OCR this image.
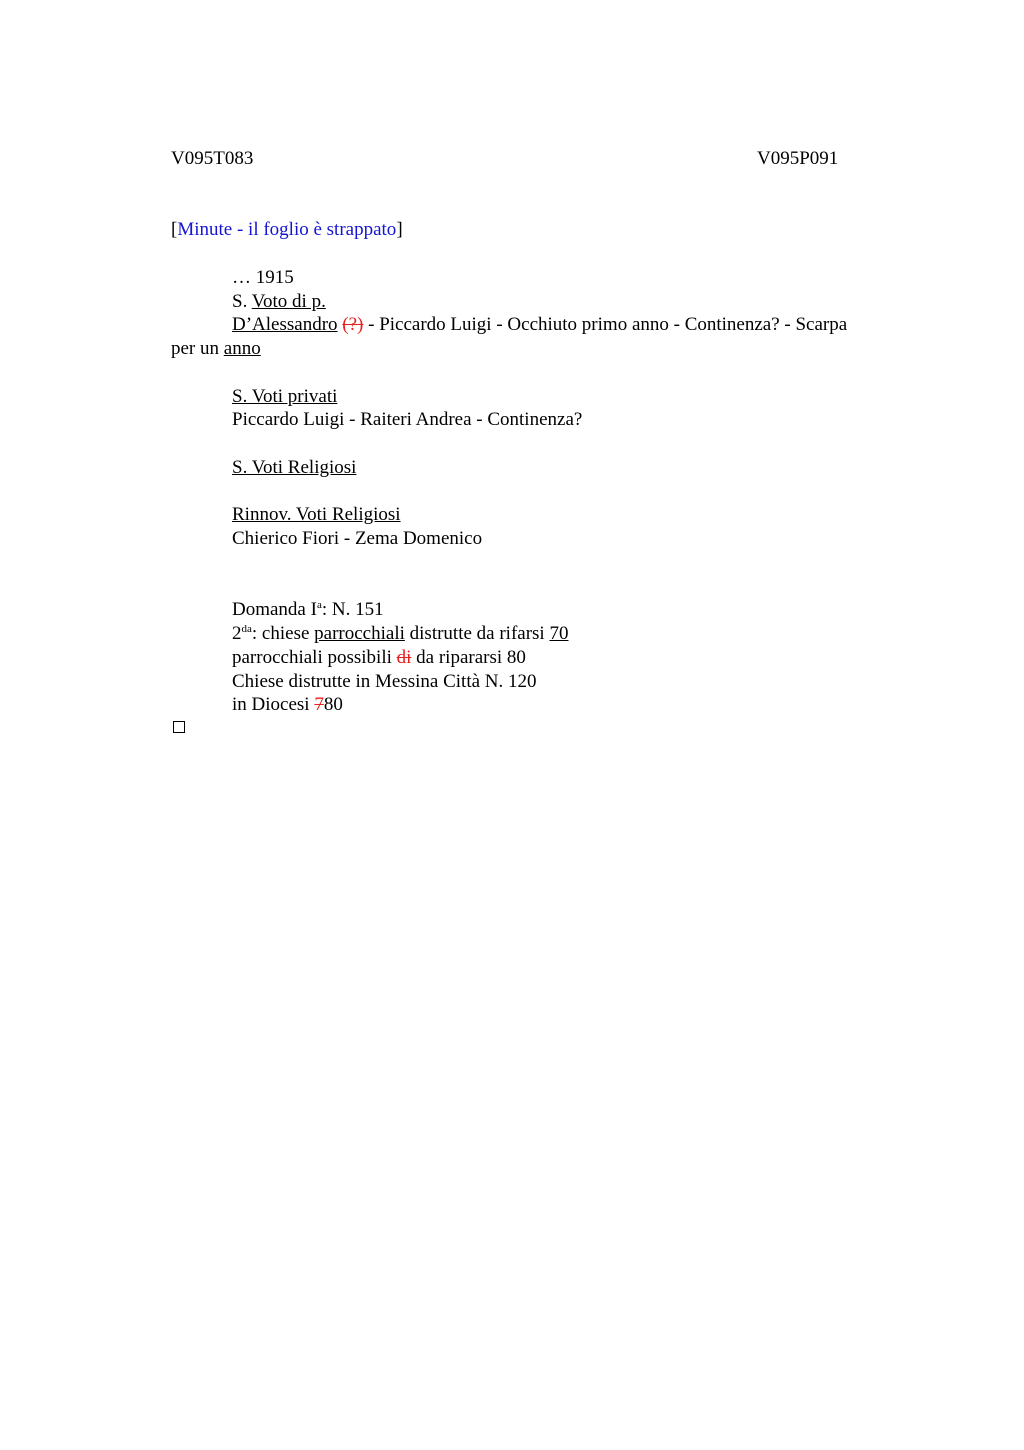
V095T083	V095P091
[Minute - il foglio è strappato]
… 1915
S. Voto di p.
D’Alessandro (?) - Piccardo Luigi - Occhiuto primo anno - Continenza? - Scarpa
per un anno
S. Voti privati
Piccardo Luigi - Raiteri Andrea - Continenza?
S. Voti Religiosi
Rinnov. Voti Religiosi
Chierico Fiori - Zema Domenico
Domanda $I^a$: N. 151
$2^{da}$: chiese parrocchiali distrutte da rifarsi 70
parrocchiali possibili di da ripararsi 80
Chiese distrutte in Messina Città N. 120
in Diocesi 780
